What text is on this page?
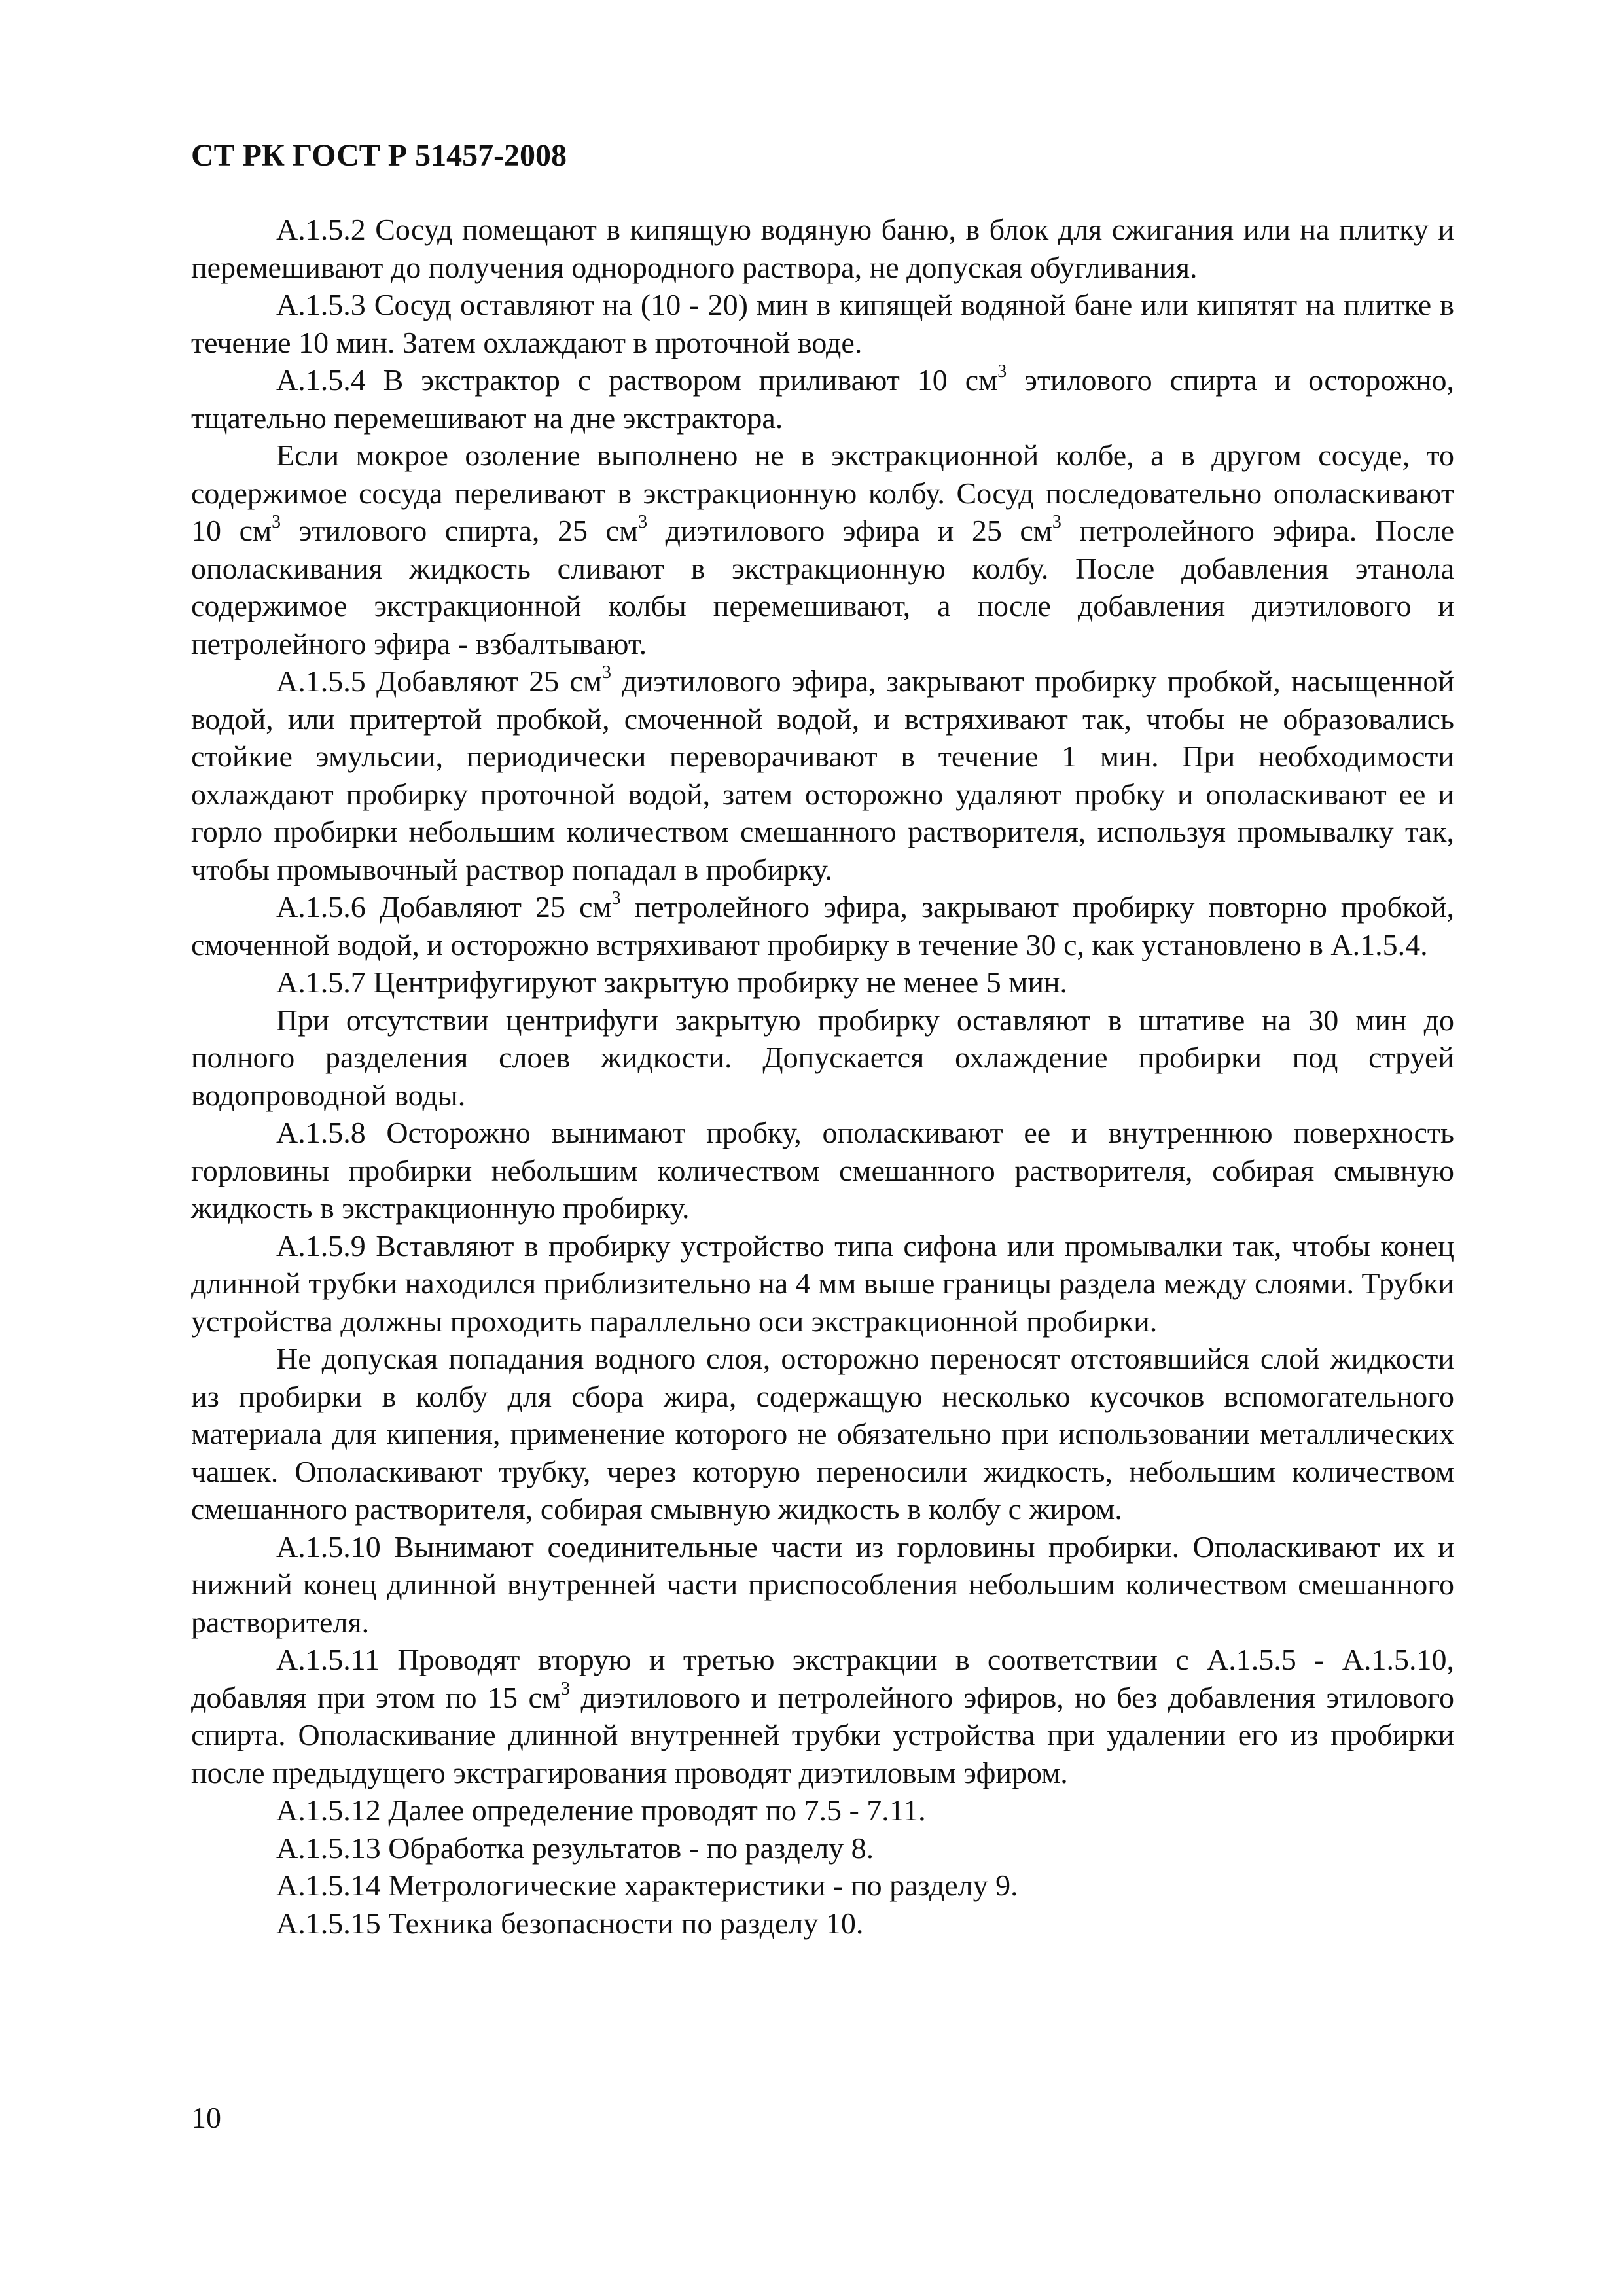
СТ РК ГОСТ Р 51457-2008

А.1.5.2 Сосуд помещают в кипящую водяную баню, в блок для сжигания или на плитку и перемешивают до получения однородного раствора, не допуская обугливания.

А.1.5.3 Сосуд оставляют на (10 - 20) мин в кипящей водяной бане или кипятят на плитке в течение 10 мин. Затем охлаждают в проточной воде.

А.1.5.4 В экстрактор с раствором приливают 10 $см^3$ этилового спирта и осторожно, тщательно перемешивают на дне экстрактора.

Если мокрое озоление выполнено не в экстракционной колбе, а в другом сосуде, то содержимое сосуда переливают в экстракционную колбу. Сосуд последовательно ополаскивают 10 $см^3$ этилового спирта, 25 $см^3$ диэтилового эфира и 25 $см^3$ петролейного эфира. После ополаскивания жидкость сливают в экстракционную колбу. После добавления этанола содержимое экстракционной колбы перемешивают, а после добавления диэтилового и петролейного эфира - взбалтывают.

А.1.5.5 Добавляют 25 $см^3$ диэтилового эфира, закрывают пробирку пробкой, насыщенной водой, или притертой пробкой, смоченной водой, и встряхивают так, чтобы не образовались стойкие эмульсии, периодически переворачивают в течение 1 мин. При необходимости охлаждают пробирку проточной водой, затем осторожно удаляют пробку и ополаскивают ее и горло пробирки небольшим количеством смешанного растворителя, используя промывалку так, чтобы промывочный раствор попадал в пробирку.

А.1.5.6 Добавляют 25 $см^3$ петролейного эфира, закрывают пробирку повторно пробкой, смоченной водой, и осторожно встряхивают пробирку в течение 30 с, как установлено в А.1.5.4.

А.1.5.7 Центрифугируют закрытую пробирку не менее 5 мин.

При отсутствии центрифуги закрытую пробирку оставляют в штативе на 30 мин до полного разделения слоев жидкости. Допускается охлаждение пробирки под струей водопроводной воды.

А.1.5.8 Осторожно вынимают пробку, ополаскивают ее и внутреннюю поверхность горловины пробирки небольшим количеством смешанного растворителя, собирая смывную жидкость в экстракционную пробирку.

А.1.5.9 Вставляют в пробирку устройство типа сифона или промывалки так, чтобы конец длинной трубки находился приблизительно на 4 мм выше границы раздела между слоями. Трубки устройства должны проходить параллельно оси экстракционной пробирки.

Не допуская попадания водного слоя, осторожно переносят отстоявшийся слой жидкости из пробирки в колбу для сбора жира, содержащую несколько кусочков вспомогательного материала для кипения, применение которого не обязательно при использовании металлических чашек. Ополаскивают трубку, через которую переносили жидкость, небольшим количеством смешанного растворителя, собирая смывную жидкость в колбу с жиром.

А.1.5.10 Вынимают соединительные части из горловины пробирки. Ополаскивают их и нижний конец длинной внутренней части приспособления небольшим количеством смешанного растворителя.

А.1.5.11 Проводят вторую и третью экстракции в соответствии с А.1.5.5 - А.1.5.10, добавляя при этом по 15 $см^3$ диэтилового и петролейного эфиров, но без добавления этилового спирта. Ополаскивание длинной внутренней трубки устройства при удалении его из пробирки после предыдущего экстрагирования проводят диэтиловым эфиром.

А.1.5.12 Далее определение проводят по 7.5 - 7.11.

А.1.5.13 Обработка результатов - по разделу 8.

А.1.5.14 Метрологические характеристики - по разделу 9.

А.1.5.15 Техника безопасности по разделу 10.

10
